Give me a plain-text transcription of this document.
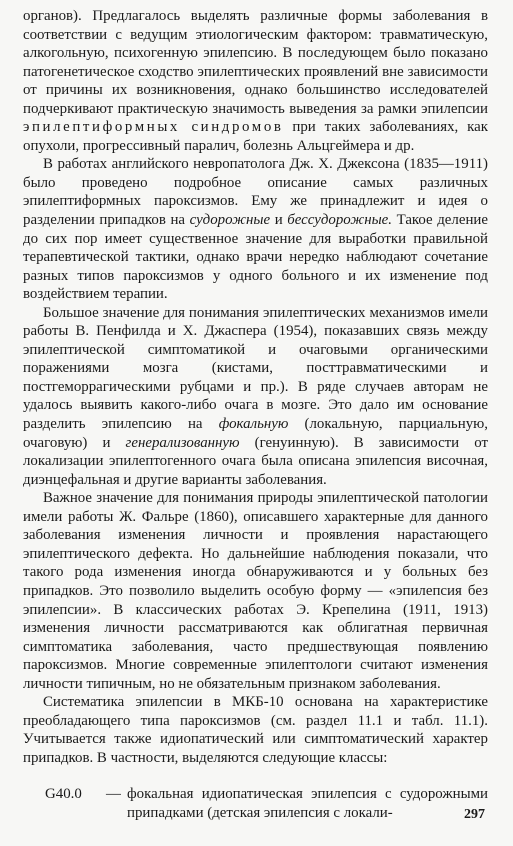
органов). Предлагалось выделять различные формы заболевания в соответствии с ведущим этиологическим фактором: травматическую, алкогольную, психогенную эпилепсию. В последующем было показано патогенетическое сходство эпилептических проявлений вне зависимости от причины их возникновения, однако большинство исследователей подчеркивают практическую значимость выведения за рамки эпилепсии эпилептиформных синдромов при таких заболеваниях, как опухоли, прогрессивный паралич, болезнь Альцгеймера и др.

В работах английского невропатолога Дж. Х. Джексона (1835—1911) было проведено подробное описание самых различных эпилептиформных пароксизмов. Ему же принадлежит и идея о разделении припадков на судорожные и бессудорожные. Такое деление до сих пор имеет существенное значение для выработки правильной терапевтической тактики, однако врачи нередко наблюдают сочетание разных типов пароксизмов у одного больного и их изменение под воздействием терапии.

Большое значение для понимания эпилептических механизмов имели работы В. Пенфилда и Х. Джаспера (1954), показавших связь между эпилептической симптоматикой и очаговыми органическими поражениями мозга (кистами, посттравматическими и постгеморрагическими рубцами и пр.). В ряде случаев авторам не удалось выявить какого-либо очага в мозге. Это дало им основание разделить эпилепсию на фокальную (локальную, парциальную, очаговую) и генерализованную (генуинную). В зависимости от локализации эпилептогенного очага была описана эпилепсия височная, диэнцефальная и другие варианты заболевания.

Важное значение для понимания природы эпилептической патологии имели работы Ж. Фальре (1860), описавшего характерные для данного заболевания изменения личности и проявления нарастающего эпилептического дефекта. Но дальнейшие наблюдения показали, что такого рода изменения иногда обнаруживаются и у больных без припадков. Это позволило выделить особую форму — «эпилепсия без эпилепсии». В классических работах Э. Крепелина (1911, 1913) изменения личности рассматриваются как облигатная первичная симптоматика заболевания, часто предшествующая появлению пароксизмов. Многие современные эпилептологи считают изменения личности типичным, но не обязательным признаком заболевания.

Систематика эпилепсии в МКБ-10 основана на характеристике преобладающего типа пароксизмов (см. раздел 11.1 и табл. 11.1). Учитывается также идиопатический или симптоматический характер припадков. В частности, выделяются следующие классы:

G40.0 — фокальная идиопатическая эпилепсия с судорожными припадками (детская эпилепсия с локали-	297
